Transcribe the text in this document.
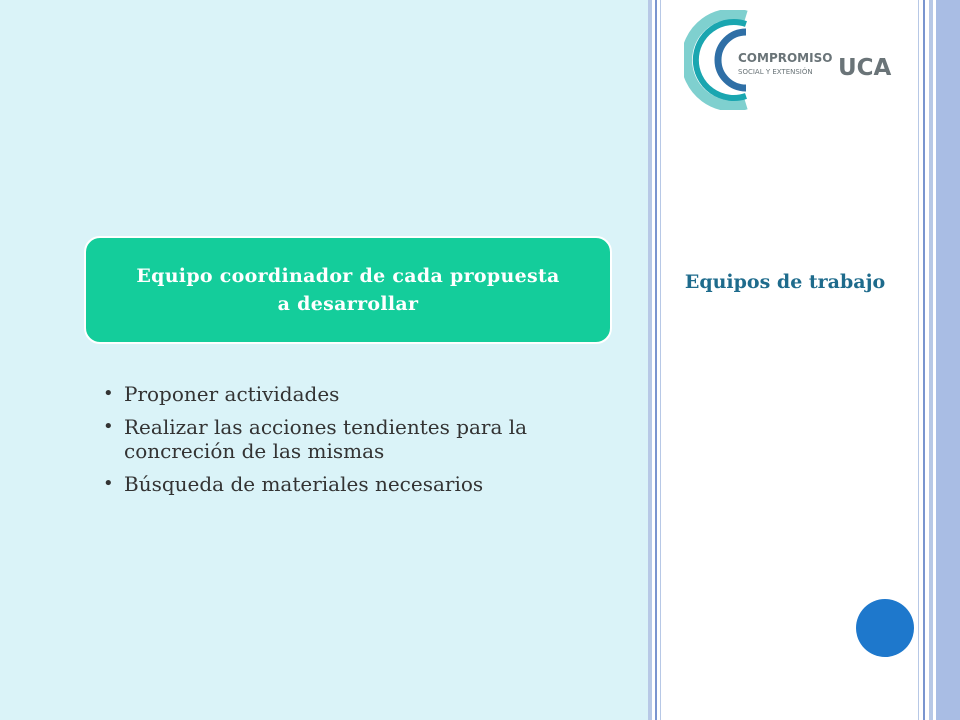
Equipo coordinador de cada propuesta a desarrollar
• Proponer actividades
• Realizar las acciones tendientes para la concreción de las mismas
• Búsqueda de materiales necesarios
COMPROMISO
SOCIAL Y EXTENSIÓN UCA
Equipos de trabajo
